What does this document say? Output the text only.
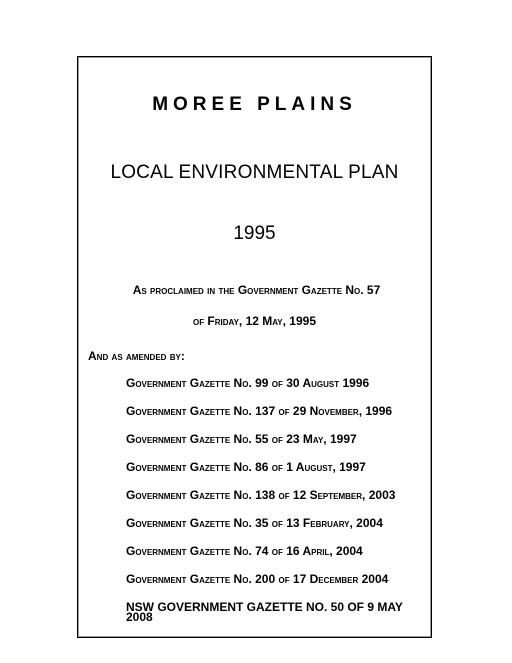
MOREE PLAINS
LOCAL ENVIRONMENTAL PLAN
1995

As proclaimed in the Government Gazette No. 57

of Friday, 12 May, 1995

And as amended by:

Government Gazette No. 99 of 30 August 1996
Government Gazette No. 137 of 29 November, 1996
Government Gazette No. 55 of 23 May, 1997
Government Gazette No. 86 of 1 August, 1997
Government Gazette No. 138 of 12 September, 2003
Government Gazette No. 35 of 13 February, 2004
Government Gazette No. 74 of 16 April, 2004
Government Gazette No. 200 of 17 December 2004
NSW GOVERNMENT GAZETTE NO. 50 OF 9 MAY 2008
